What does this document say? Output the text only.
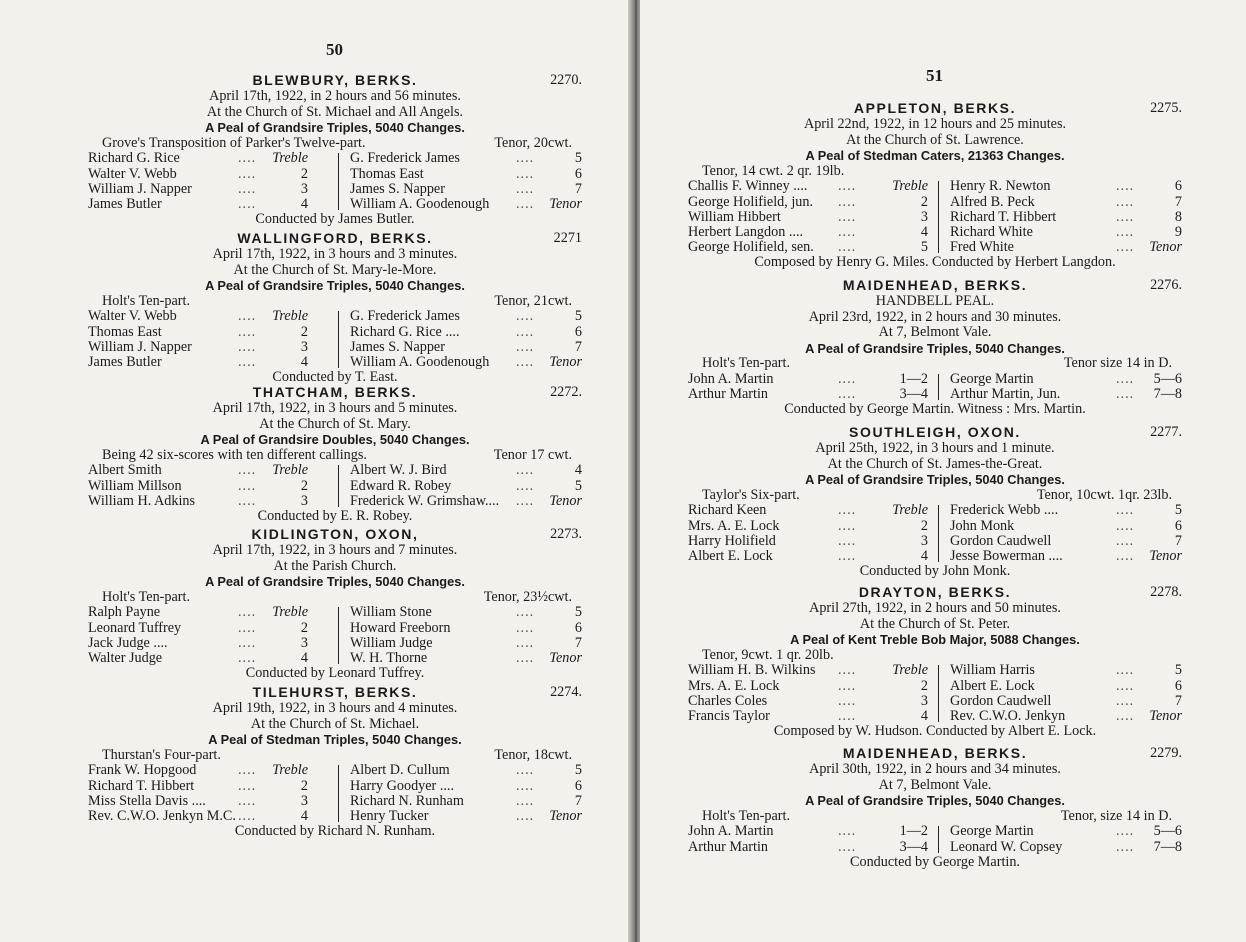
50
BLEWBURY, BERKS.	2270.
April 17th, 1922, in 2 hours and 56 minutes.
At the Church of St. Michael and All Angels.
A Peal of Grandsire Triples, 5040 Changes.
Grove's Transposition of Parker's Twelve-part.	Tenor, 20cwt.
Richard G. Rice	.... Treble	G. Frederick James	....	5
Walter V. Webb	....	2	Thomas East	....	6
William J. Napper	....	3	James S. Napper	....	7
James Butler	....	4	William A. Goodenough .... Tenor
Conducted by James Butler.
WALLINGFORD, BERKS.	2271
April 17th, 1922, in 3 hours and 3 minutes.
At the Church of St. Mary-le-More.
A Peal of Grandsire Triples, 5040 Changes.
Holt's Ten-part.	Tenor, 21cwt.
Walter V. Webb	.... Treble	G. Frederick James	....	5
Thomas East	....	2	Richard G. Rice ....	....	6
William J. Napper	....	3	James S. Napper	....	7
James Butler	....	4	William A. Goodenough .... Tenor
Conducted by T. East.
THATCHAM, BERKS.	2272.
April 17th, 1922, in 3 hours and 5 minutes.
At the Church of St. Mary.
A Peal of Grandsire Doubles, 5040 Changes.
Being 42 six-scores with ten different callings.	Tenor 17 cwt.
Albert Smith	.... Treble	Albert W. J. Bird	....	4
William Millson	....	2	Edward R. Robey	....	5
William H. Adkins	....	3	Frederick W. Grimshaw.... .... Tenor
Conducted by E. R. Robey.
KIDLINGTON, OXON,	2273.
April 17th, 1922, in 3 hours and 7 minutes.
At the Parish Church.
A Peal of Grandsire Triples, 5040 Changes.
Holt's Ten-part.	Tenor, 23½cwt.
Ralph Payne	.... Treble	William Stone	....	5
Leonard Tuffrey	....	2	Howard Freeborn	....	6
Jack Judge ....	....	3	William Judge	....	7
Walter Judge	....	4	W. H. Thorne	.... Tenor
Conducted by Leonard Tuffrey.
TILEHURST, BERKS.	2274.
April 19th, 1922, in 3 hours and 4 minutes.
At the Church of St. Michael.
A Peal of Stedman Triples, 5040 Changes.
Thurstan's Four-part.	Tenor, 18cwt.
Frank W. Hopgood	.... Treble	Albert D. Cullum	....	5
Richard T. Hibbert	....	2	Harry Goodyer ....	....	6
Miss Stella Davis .... ....	3	Richard N. Runham	....	7
Rev. C.W.O. Jenkyn M.C. ....	4	Henry Tucker	.... Tenor
Conducted by Richard N. Runham.
51
APPLETON, BERKS.	2275.
April 22nd, 1922, in 12 hours and 25 minutes.
At the Church of St. Lawrence.
A Peal of Stedman Caters, 21363 Changes.
Tenor, 14 cwt. 2 qr. 19lb.
Challis F. Winney .... ....	Treble Henry R. Newton	....	6
George Holifield, jun. ....	2 Alfred B. Peck	....	7
William Hibbert	....	3 Richard T. Hibbert	....	8
Herbert Langdon .... ....	4 Richard White	....	9
George Holifield, sen. ....	5 Fred White	.... Tenor
Composed by Henry G. Miles. Conducted by Herbert Langdon.
MAIDENHEAD, BERKS.	2276.
HANDBELL PEAL.
April 23rd, 1922, in 2 hours and 30 minutes.
At 7, Belmont Vale.
A Peal of Grandsire Triples, 5040 Changes.
Holt's Ten-part.	Tenor size 14 in D.
John A. Martin	....	1—2 George Martin	.... 5—6
Arthur Martin	....	3—4 Arthur Martin, Jun.	.... 7—8
Conducted by George Martin. Witness : Mrs. Martin.
SOUTHLEIGH, OXON.	2277.
April 25th, 1922, in 3 hours and 1 minute.
At the Church of St. James-the-Great.
A Peal of Grandsire Triples, 5040 Changes.
Taylor's Six-part.	Tenor, 10cwt. 1qr. 23lb.
Richard Keen	....	Treble Frederick Webb ....	....	5
Mrs. A. E. Lock	....	2 John Monk	....	6
Harry Holifield	....	3 Gordon Caudwell	....	7
Albert E. Lock	....	4 Jesse Bowerman ....	.... Tenor
Conducted by John Monk.
DRAYTON, BERKS.	2278.
April 27th, 1922, in 2 hours and 50 minutes.
At the Church of St. Peter.
A Peal of Kent Treble Bob Major, 5088 Changes.
Tenor, 9cwt. 1 qr. 20lb.
William H. B. Wilkins ....	Treble William Harris	....	5
Mrs. A. E. Lock	....	2 Albert E. Lock	....	6
Charles Coles	....	3 Gordon Caudwell	....	7
Francis Taylor	....	4 Rev. C.W.O. Jenkyn	.... Tenor
Composed by W. Hudson. Conducted by Albert E. Lock.
MAIDENHEAD, BERKS.	2279.
April 30th, 1922, in 2 hours and 34 minutes.
At 7, Belmont Vale.
A Peal of Grandsire Triples, 5040 Changes.
Holt's Ten-part.	Tenor, size 14 in D.
John A. Martin	....	1—2 George Martin	.... 5—6
Arthur Martin	....	3—4 Leonard W. Copsey	.... 7—8
Conducted by George Martin.
